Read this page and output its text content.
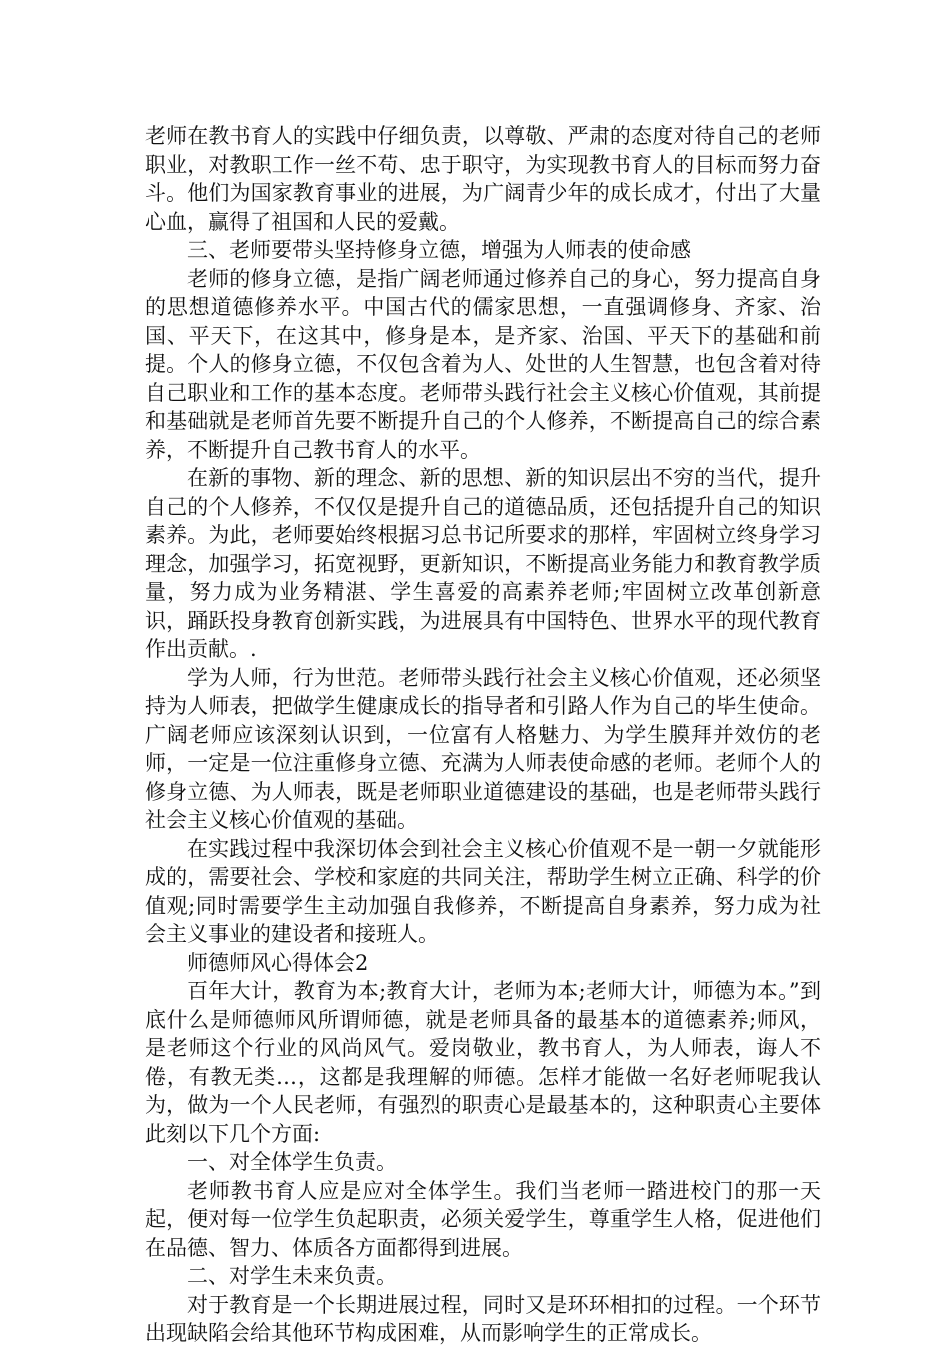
老师在教书育人的实践中仔细负责，以尊敬、严肃的态度对待自己的老师职业，对教职工作一丝不苟、忠于职守，为实现教书育人的目标而努力奋斗。他们为国家教育事业的进展，为广阔青少年的成长成才，付出了大量心血，赢得了祖国和人民的爱戴。

三、老师要带头坚持修身立德，增强为人师表的使命感

老师的修身立德，是指广阔老师通过修养自己的身心，努力提高自身的思想道德修养水平。中国古代的儒家思想，一直强调修身、齐家、治国、平天下，在这其中，修身是本，是齐家、治国、平天下的基础和前提。个人的修身立德，不仅包含着为人、处世的人生智慧，也包含着对待自己职业和工作的基本态度。老师带头践行社会主义核心价值观，其前提和基础就是老师首先要不断提升自己的个人修养，不断提高自己的综合素养，不断提升自己教书育人的水平。

在新的事物、新的理念、新的思想、新的知识层出不穷的当代，提升自己的个人修养，不仅仅是提升自己的道德品质，还包括提升自己的知识素养。为此，老师要始终根据习总书记所要求的那样，牢固树立终身学习理念，加强学习，拓宽视野，更新知识，不断提高业务能力和教育教学质量，努力成为业务精湛、学生喜爱的高素养老师;牢固树立改革创新意识，踊跃投身教育创新实践，为进展具有中国特色、世界水平的现代教育作出贡献。.

学为人师，行为世范。老师带头践行社会主义核心价值观，还必须坚持为人师表，把做学生健康成长的指导者和引路人作为自己的毕生使命。广阔老师应该深刻认识到，一位富有人格魅力、为学生膜拜并效仿的老师，一定是一位注重修身立德、充满为人师表使命感的老师。老师个人的修身立德、为人师表，既是老师职业道德建设的基础，也是老师带头践行社会主义核心价值观的基础。

在实践过程中我深切体会到社会主义核心价值观不是一朝一夕就能形成的，需要社会、学校和家庭的共同关注，帮助学生树立正确、科学的价值观;同时需要学生主动加强自我修养，不断提高自身素养，努力成为社会主义事业的建设者和接班人。

师德师风心得体会2

百年大计，教育为本;教育大计，老师为本;老师大计，师德为本。”到底什么是师德师风所谓师德，就是老师具备的最基本的道德素养;师风，是老师这个行业的风尚风气。爱岗敬业，教书育人，为人师表，诲人不倦，有教无类…，这都是我理解的师德。怎样才能做一名好老师呢我认为，做为一个人民老师，有强烈的职责心是最基本的，这种职责心主要体此刻以下几个方面:

一、对全体学生负责。

老师教书育人应是应对全体学生。我们当老师一踏进校门的那一天起，便对每一位学生负起职责，必须关爱学生，尊重学生人格，促进他们在品德、智力、体质各方面都得到进展。

二、对学生未来负责。

对于教育是一个长期进展过程，同时又是环环相扣的过程。一个环节出现缺陷会给其他环节构成困难，从而影响学生的正常成长。
